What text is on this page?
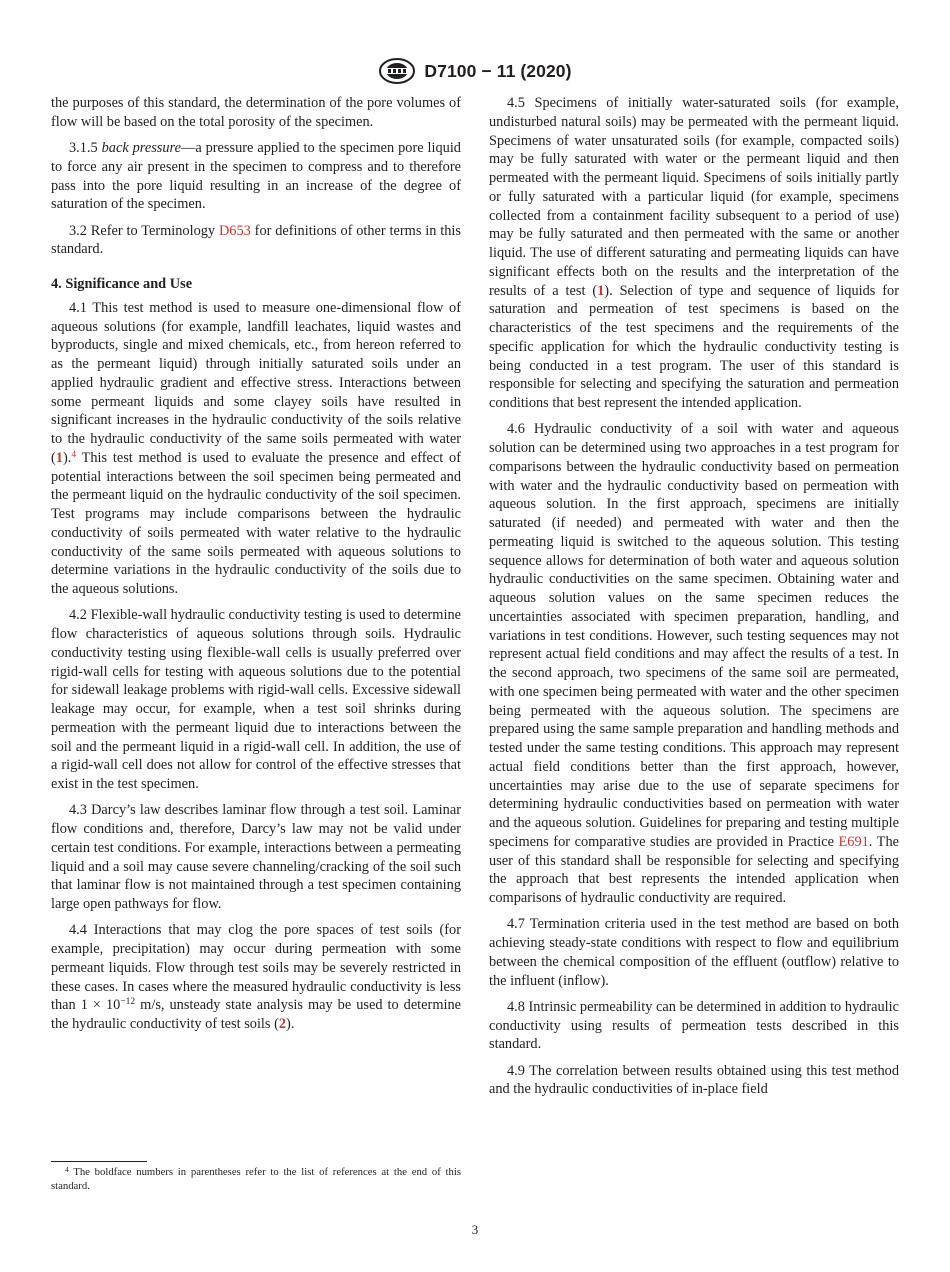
D7100 − 11 (2020)

the purposes of this standard, the determination of the pore volumes of flow will be based on the total porosity of the specimen.

3.1.5 back pressure—a pressure applied to the specimen pore liquid to force any air present in the specimen to compress and to therefore pass into the pore liquid resulting in an increase of the degree of saturation of the specimen.

3.2 Refer to Terminology D653 for definitions of other terms in this standard.

4. Significance and Use

4.1 This test method is used to measure one-dimensional flow of aqueous solutions (for example, landfill leachates, liquid wastes and byproducts, single and mixed chemicals, etc., from hereon referred to as the permeant liquid) through initially saturated soils under an applied hydraulic gradient and effective stress. Interactions between some permeant liquids and some clayey soils have resulted in significant increases in the hydraulic conductivity of the soils relative to the hydraulic conductivity of the same soils permeated with water (1).$^4$ This test method is used to evaluate the presence and effect of potential interactions between the soil specimen being permeated and the permeant liquid on the hydraulic conductivity of the soil specimen. Test programs may include comparisons between the hydraulic conductivity of soils permeated with water relative to the hydraulic conductivity of the same soils permeated with aqueous solutions to determine variations in the hydraulic conductivity of the soils due to the aqueous solutions.

4.2 Flexible-wall hydraulic conductivity testing is used to determine flow characteristics of aqueous solutions through soils. Hydraulic conductivity testing using flexible-wall cells is usually preferred over rigid-wall cells for testing with aqueous solutions due to the potential for sidewall leakage problems with rigid-wall cells. Excessive sidewall leakage may occur, for example, when a test soil shrinks during permeation with the permeant liquid due to interactions between the soil and the permeant liquid in a rigid-wall cell. In addition, the use of a rigid-wall cell does not allow for control of the effective stresses that exist in the test specimen.

4.3 Darcy’s law describes laminar flow through a test soil. Laminar flow conditions and, therefore, Darcy’s law may not be valid under certain test conditions. For example, interactions between a permeating liquid and a soil may cause severe channeling/cracking of the soil such that laminar flow is not maintained through a test specimen containing large open pathways for flow.

4.4 Interactions that may clog the pore spaces of test soils (for example, precipitation) may occur during permeation with some permeant liquids. Flow through test soils may be severely restricted in these cases. In cases where the measured hydraulic conductivity is less than $1 \times 10^{-12}$ m/s, unsteady state analysis may be used to determine the hydraulic conductivity of test soils (2).

$^4$ The boldface numbers in parentheses refer to the list of references at the end of this standard.

4.5 Specimens of initially water-saturated soils (for example, undisturbed natural soils) may be permeated with the permeant liquid. Specimens of water unsaturated soils (for example, compacted soils) may be fully saturated with water or the permeant liquid and then permeated with the permeant liquid. Specimens of soils initially partly or fully saturated with a particular liquid (for example, specimens collected from a containment facility subsequent to a period of use) may be fully saturated and then permeated with the same or another liquid. The use of different saturating and permeating liquids can have significant effects both on the results and the interpretation of the results of a test (1). Selection of type and sequence of liquids for saturation and permeation of test specimens is based on the characteristics of the test specimens and the requirements of the specific application for which the hydraulic conductivity testing is being conducted in a test program. The user of this standard is responsible for selecting and specifying the saturation and permeation conditions that best represent the intended application.

4.6 Hydraulic conductivity of a soil with water and aqueous solution can be determined using two approaches in a test program for comparisons between the hydraulic conductivity based on permeation with water and the hydraulic conductivity based on permeation with aqueous solution. In the first approach, specimens are initially saturated (if needed) and permeated with water and then the permeating liquid is switched to the aqueous solution. This testing sequence allows for determination of both water and aqueous solution hydraulic conductivities on the same specimen. Obtaining water and aqueous solution values on the same specimen reduces the uncertainties associated with specimen preparation, handling, and variations in test conditions. However, such testing sequences may not represent actual field conditions and may affect the results of a test. In the second approach, two specimens of the same soil are permeated, with one specimen being permeated with water and the other specimen being permeated with the aqueous solution. The specimens are prepared using the same sample preparation and handling methods and tested under the same testing conditions. This approach may represent actual field conditions better than the first approach, however, uncertainties may arise due to the use of separate specimens for determining hydraulic conductivities based on permeation with water and the aqueous solution. Guidelines for preparing and testing multiple specimens for comparative studies are provided in Practice E691. The user of this standard shall be responsible for selecting and specifying the approach that best represents the intended application when comparisons of hydraulic conductivity are required.

4.7 Termination criteria used in the test method are based on both achieving steady-state conditions with respect to flow and equilibrium between the chemical composition of the effluent (outflow) relative to the influent (inflow).

4.8 Intrinsic permeability can be determined in addition to hydraulic conductivity using results of permeation tests described in this standard.

4.9 The correlation between results obtained using this test method and the hydraulic conductivities of in-place field

3
